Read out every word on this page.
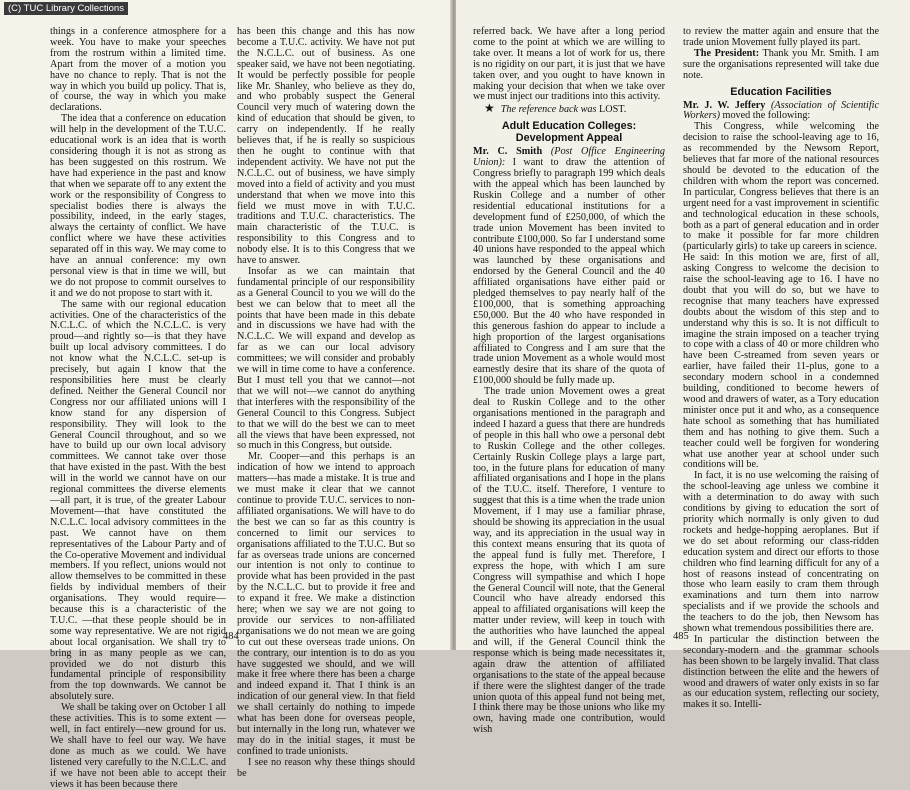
(C) TUC Library Collections

things in a conference atmosphere for a week. You have to make your speeches from the rostrum within a limited time. Apart from the mover of a motion you have no chance to reply. That is not the way in which you build up policy. That is, of course, the way in which you make declarations.

The idea that a conference on education will help in the development of the T.U.C. educational work is an idea that is worth considering though it is not as strong as has been suggested on this rostrum. We have had experience in the past and know that when we separate off to any extent the work or the responsibility of Congress to specialist bodies there is always the possibility, indeed, in the early stages, always the certainty of conflict. We have conflict where we have these activities separated off in this way. We may come to have an annual conference: my own personal view is that in time we will, but we do not propose to commit ourselves to it and we do not propose to start with it.

The same with our regional education activities. One of the characteristics of the N.C.L.C. of which the N.C.L.C. is very proud—and rightly so—is that they have built up local advisory committees. I do not know what the N.C.L.C. set-up is precisely, but again I know that the responsibilities here must be clearly defined. Neither the General Council nor Congress nor our affiliated unions will I know stand for any dispersion of responsibility. They will look to the General Council throughout, and so we have to build up our own local advisory committees. We cannot take over those that have existed in the past. With the best will in the world we cannot have on our regional committees the diverse elements—all part, it is true, of the greater Labour Movement—that have constituted the N.C.L.C. local advisory committees in the past. We cannot have on them representatives of the Labour Party and of the Co-operative Movement and individual members. If you reflect, unions would not allow themselves to be committed in these fields by individual members of their organisations. They would require—because this is a characteristic of the T.U.C. —that these people should be in some way representative. We are not rigid about local organisation. We shall try to bring in as many people as we can, provided we do not disturb this fundamental principle of responsibility from the top downwards. We cannot be absolutely sure.

We shall be taking over on October 1 all these activities. This is to some extent —well, in fact entirely—new ground for us. We shall have to feel our way. We have done as much as we could. We have listened very carefully to the N.C.L.C. and if we have not been able to accept their views it has been because there

has been this change and this has now become a T.U.C. activity. We have not put the N.C.L.C. out of business. As one speaker said, we have not been negotiating. It would be perfectly possible for people like Mr. Shanley, who believe as they do, and who probably suspect the General Council very much of watering down the kind of education that should be given, to carry on independently. If he really believes that, if he is really so suspicious then he ought to continue with that independent activity. We have not put the N.C.L.C. out of business, we have simply moved into a field of activity and you must understand that when we move into this field we must move in with T.U.C. traditions and T.U.C. characteristics. The main characteristic of the T.U.C. is responsibility to this Congress and to nobody else. It is to this Congress that we have to answer.

Insofar as we can maintain that fundamental principle of our responsibility as a General Council to you we will do the best we can below that to meet all the points that have been made in this debate and in discussions we have had with the N.C.L.C. We will expand and develop as far as we can our local advisory committees; we will consider and probably we will in time come to have a conference. But I must tell you that we cannot—not that we will not—we cannot do anything that interferes with the responsibility of the General Council to this Congress. Subject to that we will do the best we can to meet all the views that have been expressed, not so much in this Congress, but outside.

Mr. Cooper—and this perhaps is an indication of how we intend to approach matters—has made a mistake. It is true and we must make it clear that we cannot continue to provide T.U.C. services to non-affiliated organisations. We will have to do the best we can so far as this country is concerned to limit our services to organisations affiliated to the T.U.C. But so far as overseas trade unions are concerned our intention is not only to continue to provide what has been provided in the past by the N.C.L.C. but to provide it free and to expand it free. We make a distinction here; when we say we are not going to provide our services to non-affiliated organisations we do not mean we are going to cut out these overseas trade unions. On the contrary, our intention is to do as you have suggested we should, and we will make it free where there has been a charge and indeed expand it. That I think is an indication of our general view. In that field we shall certainly do nothing to impede what has been done for overseas people, but internally in the long run, whatever we may do in the initial stages, it must be confined to trade unionists.

I see no reason why these things should be

484

referred back. We have after a long period come to the point at which we are willing to take over. It means a lot of work for us, there is no rigidity on our part, it is just that we have taken over, and you ought to have known in making your decision that when we take over we must inject our traditions into this activity.

★ The reference back was LOST.

Adult Education Colleges: Development Appeal

Mr. C. Smith (Post Office Engineering Union): I want to draw the attention of Congress briefly to paragraph 199 which deals with the appeal which has been launched by Ruskin College and a number of other residential educational institutions for a development fund of £250,000, of which the trade union Movement has been invited to contribute £100,000. So far I understand some 40 unions have responded to the appeal which was launched by these organisations and endorsed by the General Council and the 40 affiliated organisations have either paid or pledged themselves to pay nearly half of the £100,000, that is something approaching £50,000. But the 40 who have responded in this generous fashion do appear to include a high proportion of the largest organisations affiliated to Congress and I am sure that the trade union Movement as a whole would most earnestly desire that its share of the quota of £100,000 should be fully made up.

The trade union Movement owes a great deal to Ruskin College and to the other organisations mentioned in the paragraph and indeed I hazard a guess that there are hundreds of people in this hall who owe a personal debt to Ruskin College and the other colleges. Certainly Ruskin College plays a large part, too, in the future plans for education of many affiliated organisations and I hope in the plans of the T.U.C. itself. Therefore, I venture to suggest that this is a time when the trade union Movement, if I may use a familiar phrase, should be showing its appreciation in the usual way, and its appreciation in the usual way in this context means ensuring that its quota of the appeal fund is fully met. Therefore, I express the hope, with which I am sure Congress will sympathise and which I hope the General Council will note, that the General Council who have already endorsed this appeal to affiliated organisations will keep the matter under review, will keep in touch with the authorities who have launched the appeal and will, if the General Council think the response which is being made necessitates it, again draw the attention of affiliated organisations to the state of the appeal because if there were the slightest danger of the trade union quota of this appeal fund not being met, I think there may be those unions who like my own, having made one contribution, would wish

to review the matter again and ensure that the trade union Movement fully played its part.

The President: Thank you Mr. Smith. I am sure the organisations represented will take due note.

Education Facilities

Mr. J. W. Jeffery (Association of Scientific Workers) moved the following:

This Congress, while welcoming the decision to raise the school-leaving age to 16, as recommended by the Newsom Report, believes that far more of the national resources should be devoted to the education of the children with whom the report was concerned. In particular, Congress believes that there is an urgent need for a vast improvement in scientific and technological education in these schools, both as a part of general education and in order to make it possible for far more children (particularly girls) to take up careers in science.

He said: In this motion we are, first of all, asking Congress to welcome the decision to raise the school-leaving age to 16. I have no doubt that you will do so, but we have to recognise that many teachers have expressed doubts about the wisdom of this step and to understand why this is so. It is not difficult to imagine the strain imposed on a teacher trying to cope with a class of 40 or more children who have been C-streamed from seven years or earlier, have failed their 11-plus, gone to a secondary modern school in a condemned building, conditioned to become hewers of wood and drawers of water, as a Tory education minister once put it and who, as a consequence hate school as something that has humiliated them and has nothing to give them. Such a teacher could well be forgiven for wondering what use another year at school under such conditions will be.

In fact, it is no use welcoming the raising of the school-leaving age unless we combine it with a determination to do away with such conditions by giving to education the sort of priority which normally is only given to dud rockets and hedge-hopping aeroplanes. But if we do set about reforming our class-ridden education system and direct our efforts to those children who find learning difficult for any of a host of reasons instead of concentrating on those who learn easily to cram them through examinations and turn them into narrow specialists and if we provide the schools and the teachers to do the job, then Newsom has shown what tremendous possibilities there are.

In particular the distinction between the secondary-modern and the grammar schools has been shown to be largely invalid. That class distinction between the elite and the hewers of wood and drawers of water only exists in so far as our education system, reflecting our society, makes it so. Intelli-

485
